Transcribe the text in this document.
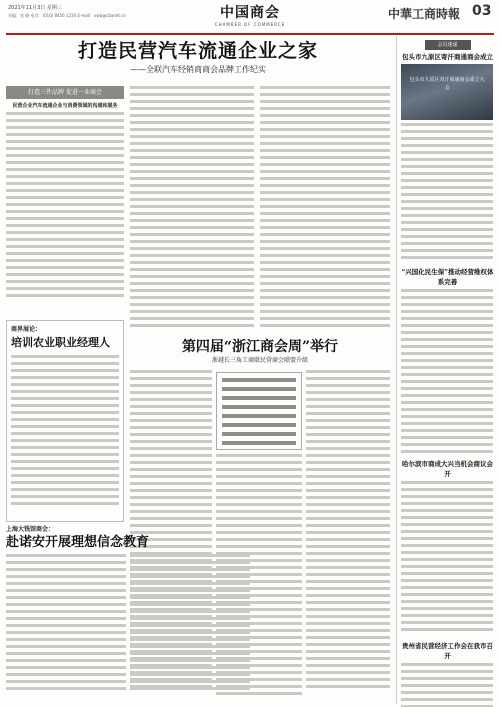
2021年11月3日 星期三
采编：张 晓 电话：(010) 8456 1234 E-mail：xwb@cbanet.cn	中国商会
CHAMBER OF COMMERCE
中華工商時報 03
打造民营汽车流通企业之家
——全联汽车经销商商会品牌工作纪实
打造三件品牌 促进一业商会
民营企业汽车流通企业与消费领域的沟通和服务
商界展论：
培训农业职业经理人	第四届“浙江商会周”举行
浙越长三角工商联民营商会联盟升级
上海大钱馆商会：
赴诺安开展理想信念教育
会员速递
包头市九原区寄汗商通商会成立
包头市九原区寄汗商通商会成立大会
“兴国化民生保”推动经营维权体系完善
哈尔滨市商成大兴当机会商议会开
贵州省民营经济工作会在我市召开
